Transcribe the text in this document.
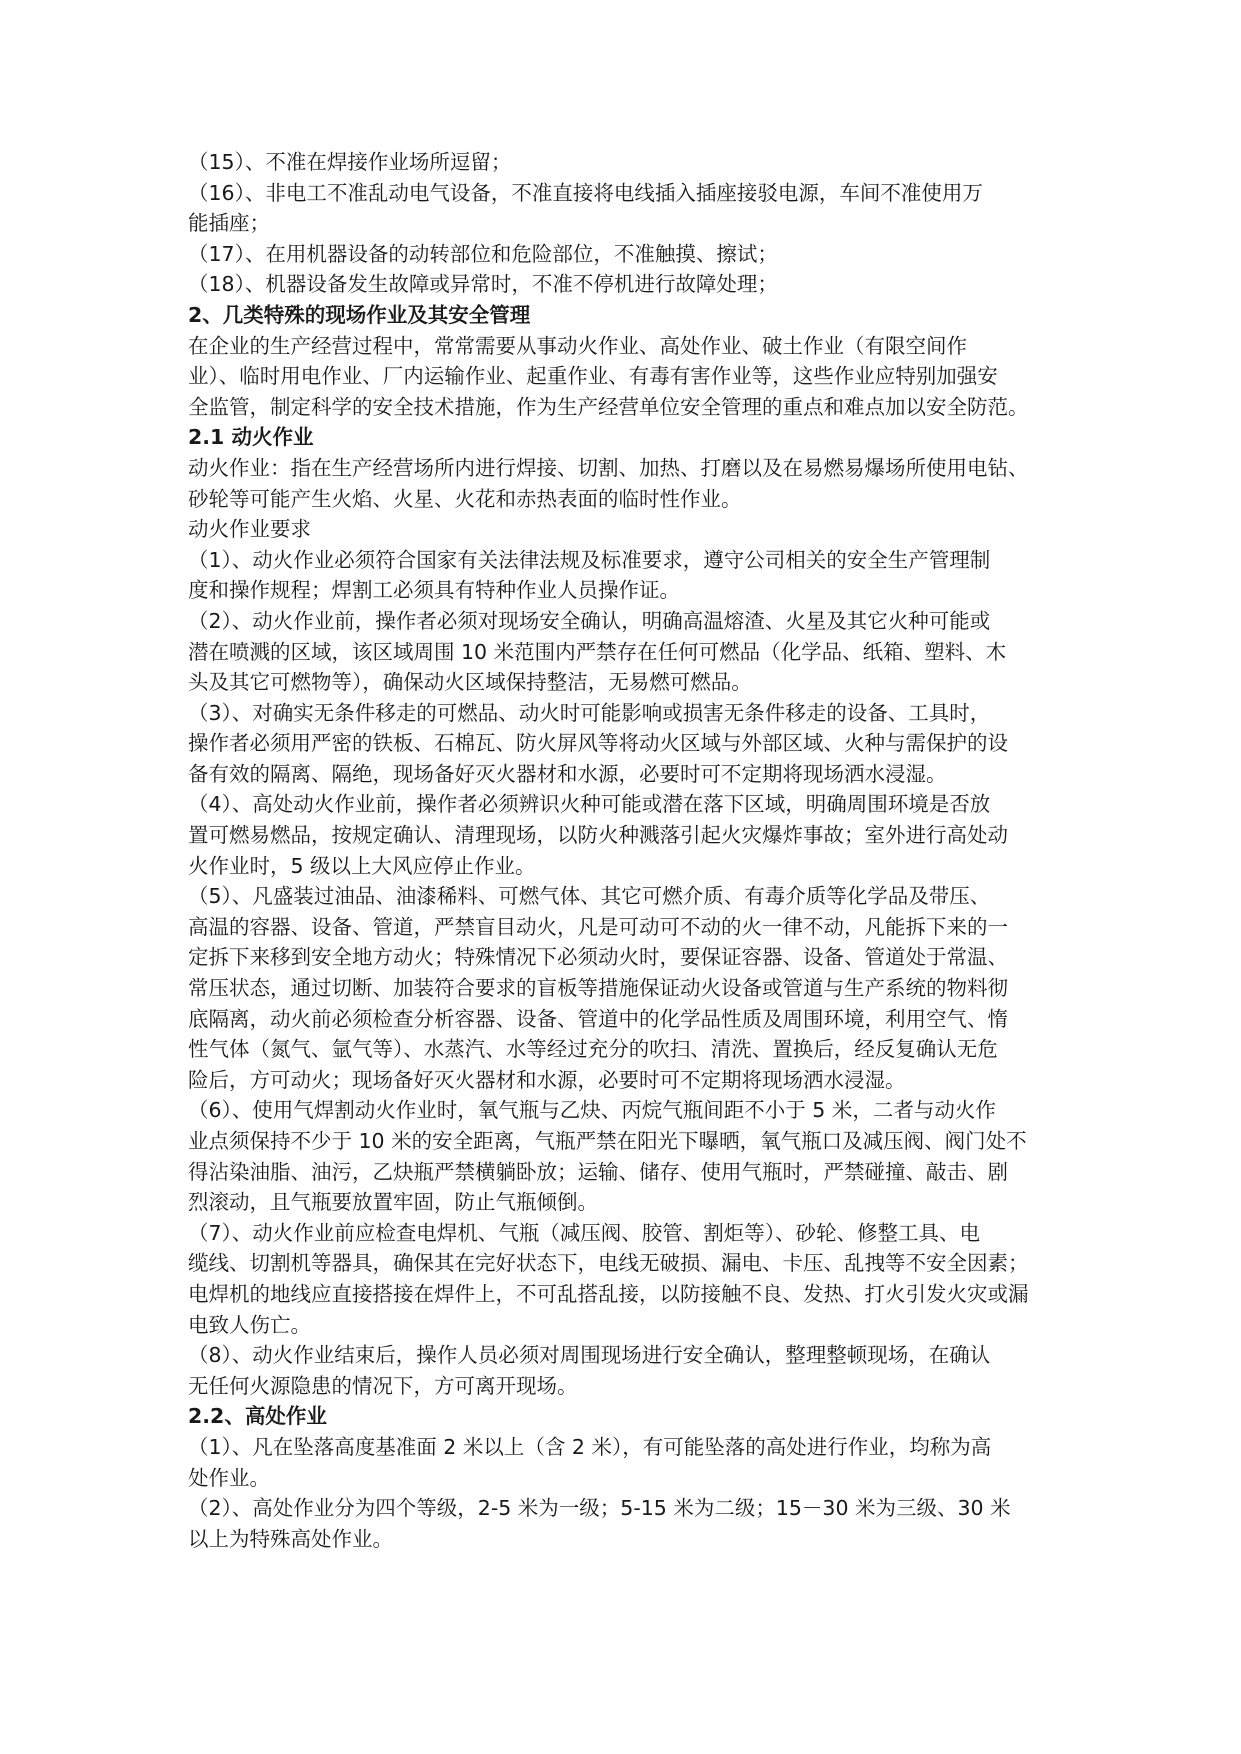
（15）、不准在焊接作业场所逗留；
（16）、非电工不准乱动电气设备，不准直接将电线插入插座接驳电源，车间不准使用万
能插座；
（17）、在用机器设备的动转部位和危险部位，不准触摸、擦试；
（18）、机器设备发生故障或异常时，不准不停机进行故障处理；
2、几类特殊的现场作业及其安全管理
在企业的生产经营过程中，常常需要从事动火作业、高处作业、破土作业（有限空间作
业）、临时用电作业、厂内运输作业、起重作业、有毒有害作业等，这些作业应特别加强安
全监管，制定科学的安全技术措施，作为生产经营单位安全管理的重点和难点加以安全防范。
2.1 动火作业
动火作业：指在生产经营场所内进行焊接、切割、加热、打磨以及在易燃易爆场所使用电钻、
砂轮等可能产生火焰、火星、火花和赤热表面的临时性作业。
动火作业要求
（1）、动火作业必须符合国家有关法律法规及标准要求，遵守公司相关的安全生产管理制
度和操作规程；焊割工必须具有特种作业人员操作证。
（2）、动火作业前，操作者必须对现场安全确认，明确高温熔渣、火星及其它火种可能或
潜在喷溅的区域，该区域周围 10 米范围内严禁存在任何可燃品（化学品、纸箱、塑料、木
头及其它可燃物等），确保动火区域保持整洁，无易燃可燃品。
（3）、对确实无条件移走的可燃品、动火时可能影响或损害无条件移走的设备、工具时，
操作者必须用严密的铁板、石棉瓦、防火屏风等将动火区域与外部区域、火种与需保护的设
备有效的隔离、隔绝，现场备好灭火器材和水源，必要时可不定期将现场洒水浸湿。
（4）、高处动火作业前，操作者必须辨识火种可能或潜在落下区域，明确周围环境是否放
置可燃易燃品，按规定确认、清理现场，以防火种溅落引起火灾爆炸事故；室外进行高处动
火作业时，5 级以上大风应停止作业。
（5）、凡盛装过油品、油漆稀料、可燃气体、其它可燃介质、有毒介质等化学品及带压、
高温的容器、设备、管道，严禁盲目动火，凡是可动可不动的火一律不动，凡能拆下来的一
定拆下来移到安全地方动火；特殊情况下必须动火时，要保证容器、设备、管道处于常温、
常压状态，通过切断、加装符合要求的盲板等措施保证动火设备或管道与生产系统的物料彻
底隔离，动火前必须检查分析容器、设备、管道中的化学品性质及周围环境，利用空气、惰
性气体（氮气、氩气等）、水蒸汽、水等经过充分的吹扫、清洗、置换后，经反复确认无危
险后，方可动火；现场备好灭火器材和水源，必要时可不定期将现场洒水浸湿。
（6）、使用气焊割动火作业时，氧气瓶与乙炔、丙烷气瓶间距不小于 5 米，二者与动火作
业点须保持不少于 10 米的安全距离，气瓶严禁在阳光下曝晒，氧气瓶口及减压阀、阀门处不
得沾染油脂、油污，乙炔瓶严禁横躺卧放；运输、储存、使用气瓶时，严禁碰撞、敲击、剧
烈滚动，且气瓶要放置牢固，防止气瓶倾倒。
（7）、动火作业前应检查电焊机、气瓶（减压阀、胶管、割炬等）、砂轮、修整工具、电
缆线、切割机等器具，确保其在完好状态下，电线无破损、漏电、卡压、乱拽等不安全因素；
电焊机的地线应直接搭接在焊件上，不可乱搭乱接，以防接触不良、发热、打火引发火灾或漏
电致人伤亡。
（8）、动火作业结束后，操作人员必须对周围现场进行安全确认，整理整顿现场，在确认
无任何火源隐患的情况下，方可离开现场。
2.2、高处作业
（1）、凡在坠落高度基准面 2 米以上（含 2 米），有可能坠落的高处进行作业，均称为高
处作业。
（2）、高处作业分为四个等级，2-5 米为一级；5-15 米为二级；15－30 米为三级、30 米
以上为特殊高处作业。
